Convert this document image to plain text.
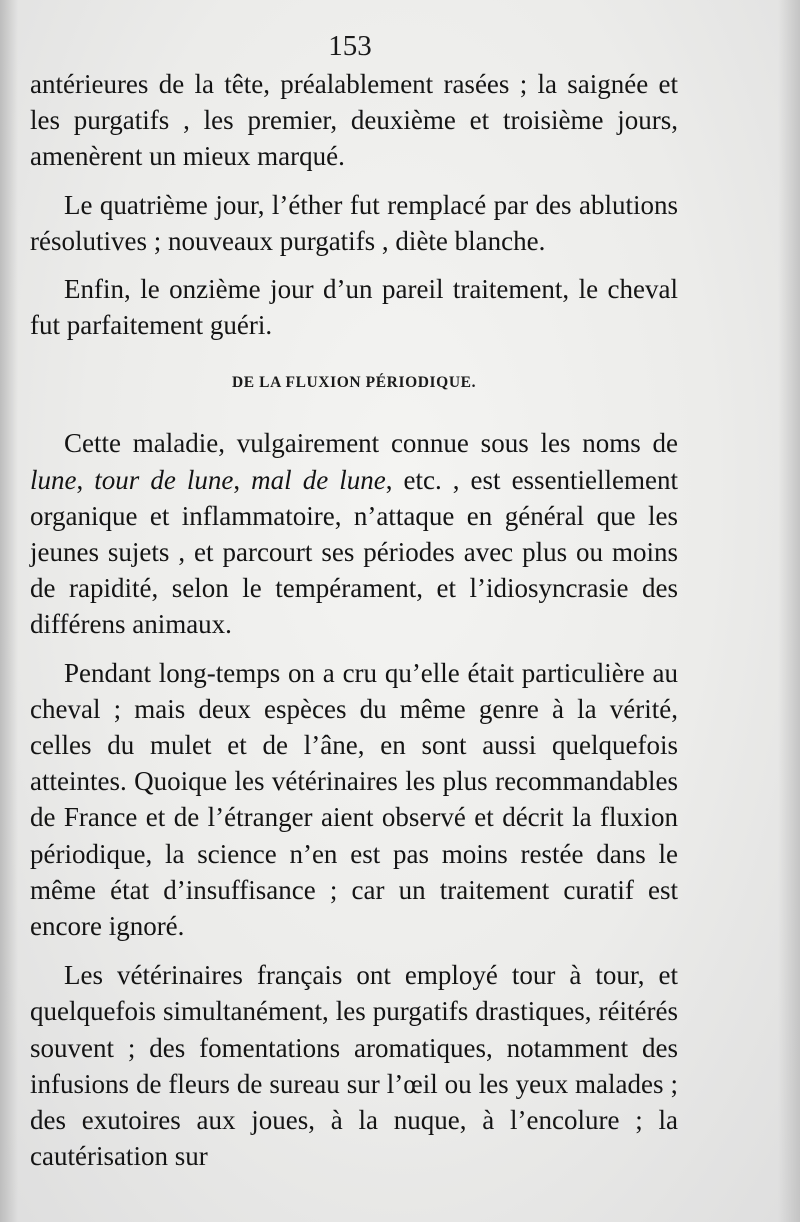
153

antérieures de la tête, préalablement rasées ; la saignée et les purgatifs , les premier, deuxième et troisième jours, amenèrent un mieux marqué.

Le quatrième jour, l’éther fut remplacé par des ablutions résolutives ; nouveaux purgatifs , diète blanche.

Enfin, le onzième jour d’un pareil traitement, le cheval fut parfaitement guéri.

DE LA FLUXION PÉRIODIQUE.

Cette maladie, vulgairement connue sous les noms de lune, tour de lune, mal de lune, etc. , est essentiellement organique et inflammatoire, n’attaque en général que les jeunes sujets , et parcourt ses périodes avec plus ou moins de rapidité, selon le tempérament, et l’idiosyncrasie des différens animaux.

Pendant long-temps on a cru qu’elle était particulière au cheval ; mais deux espèces du même genre à la vérité, celles du mulet et de l’âne, en sont aussi quelquefois atteintes. Quoique les vétérinaires les plus recommandables de France et de l’étranger aient observé et décrit la fluxion périodique, la science n’en est pas moins restée dans le même état d’insuffisance ; car un traitement curatif est encore ignoré.

Les vétérinaires français ont employé tour à tour, et quelquefois simultanément, les purgatifs drastiques, réitérés souvent ; des fomentations aromatiques, notamment des infusions de fleurs de sureau sur l’œil ou les yeux malades ; des exutoires aux joues, à la nuque, à l’encolure ; la cautérisation sur
